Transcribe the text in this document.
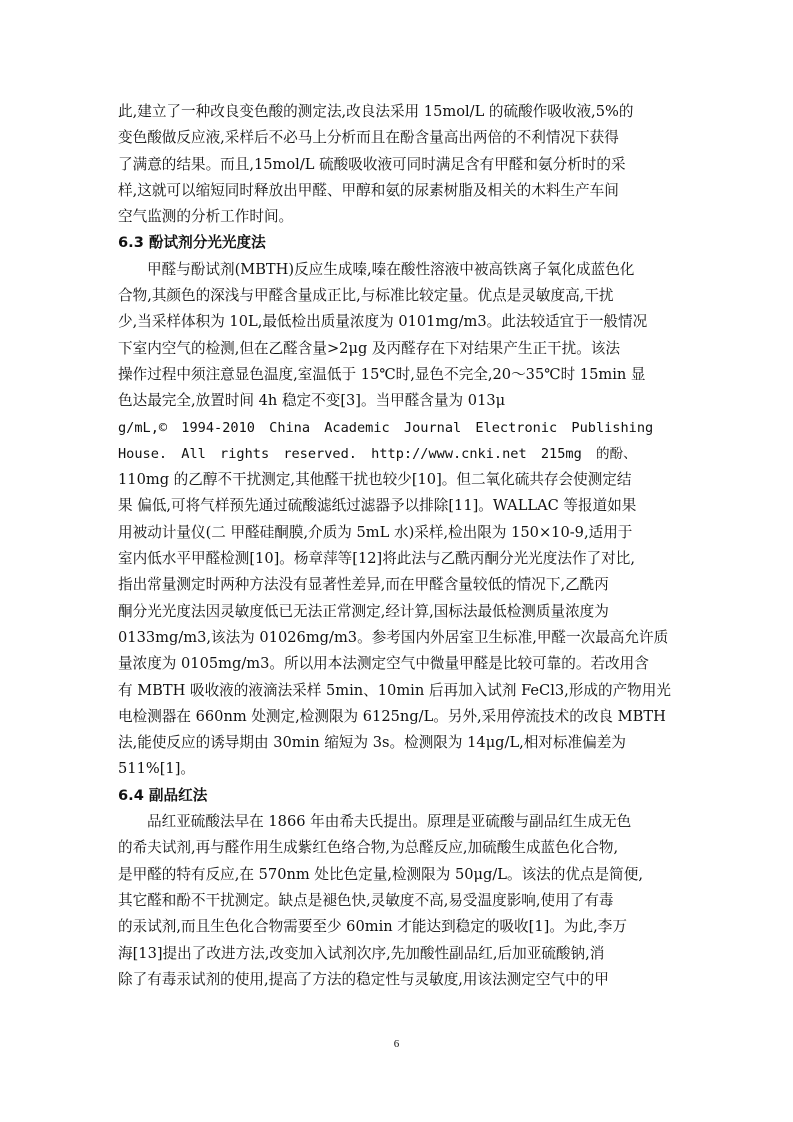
此,建立了一种改良变色酸的测定法,改良法采用 15mol/L 的硫酸作吸收液,5%的
变色酸做反应液,采样后不必马上分析而且在酚含量高出两倍的不利情况下获得
了满意的结果。而且,15mol/L 硫酸吸收液可同时满足含有甲醛和氨分析时的采
样,这就可以缩短同时释放出甲醛、甲醇和氨的尿素树脂及相关的木料生产车间
空气监测的分析工作时间。
6.3 酚试剂分光光度法
甲醛与酚试剂(MBTH)反应生成嗪,嗪在酸性溶液中被高铁离子氧化成蓝色化
合物,其颜色的深浅与甲醛含量成正比,与标准比较定量。优点是灵敏度高,干扰
少,当采样体积为 10L,最低检出质量浓度为 0101mg/m3。此法较适宜于一般情况
下室内空气的检测,但在乙醛含量>2μg 及丙醛存在下对结果产生正干扰。该法
操作过程中须注意显色温度,室温低于 15℃时,显色不完全,20～35℃时 15min 显
色达最完全,放置时间 4h 稳定不变[3]。当甲醛含量为 013μ
g/mL,© 1994-2010 China Academic Journal Electronic Publishing
House. All rights reserved. http://www.cnki.net 215mg 的酚、
110mg 的乙醇不干扰测定,其他醛干扰也较少[10]。但二氧化硫共存会使测定结
果 偏低,可将气样预先通过硫酸滤纸过滤器予以排除[11]。WALLAC 等报道如果
用被动计量仪(二 甲醛硅酮膜,介质为 5mL 水)采样,检出限为 150×10-9,适用于
室内低水平甲醛检测[10]。杨章萍等[12]将此法与乙酰丙酮分光光度法作了对比,
指出常量测定时两种方法没有显著性差异,而在甲醛含量较低的情况下,乙酰丙
酮分光光度法因灵敏度低已无法正常测定,经计算,国标法最低检测质量浓度为
0133mg/m3,该法为 01026mg/m3。参考国内外居室卫生标准,甲醛一次最高允许质
量浓度为 0105mg/m3。所以用本法测定空气中微量甲醛是比较可靠的。若改用含
有 MBTH 吸收液的液滴法采样 5min、10min 后再加入试剂 FeCl3,形成的产物用光
电检测器在 660nm 处测定,检测限为 6125ng/L。另外,采用停流技术的改良 MBTH
法,能使反应的诱导期由 30min 缩短为 3s。检测限为 14μg/L,相对标准偏差为
511%[1]。
6.4 副品红法
品红亚硫酸法早在 1866 年由希夫氏提出。原理是亚硫酸与副品红生成无色
的希夫试剂,再与醛作用生成紫红色络合物,为总醛反应,加硫酸生成蓝色化合物,
是甲醛的特有反应,在 570nm 处比色定量,检测限为 50μg/L。该法的优点是简便,
其它醛和酚不干扰测定。缺点是褪色快,灵敏度不高,易受温度影响,使用了有毒
的汞试剂,而且生色化合物需要至少 60min 才能达到稳定的吸收[1]。为此,李万
海[13]提出了改进方法,改变加入试剂次序,先加酸性副品红,后加亚硫酸钠,消
除了有毒汞试剂的使用,提高了方法的稳定性与灵敏度,用该法测定空气中的甲
6
